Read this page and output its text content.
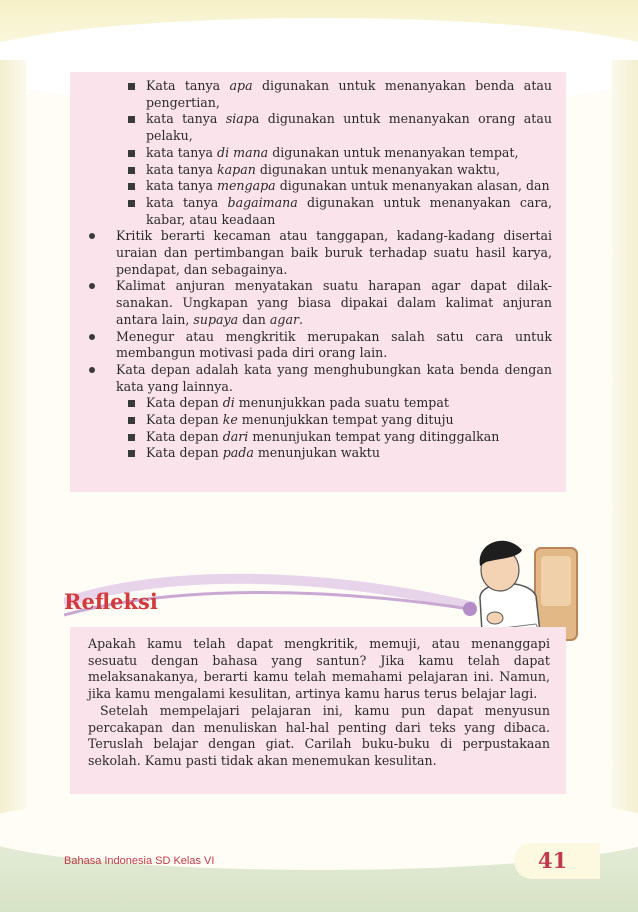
Kata tanya apa digunakan untuk menanyakan benda atau pengertian,
kata tanya siapa digunakan untuk menanyakan orang atau pelaku,
kata tanya di mana digunakan untuk menanyakan tempat,
kata tanya kapan digunakan untuk menanyakan waktu,
kata tanya mengapa digunakan untuk menanyakan alasan, dan
kata tanya bagaimana digunakan untuk menanyakan cara, kabar, atau keadaan
Kritik berarti kecaman atau tanggapan, kadang-kadang disertai uraian dan pertimbangan baik buruk terhadap suatu hasil karya, pendapat, dan sebagainya.
Kalimat anjuran menyatakan suatu harapan agar dapat dilak-sanakan. Ungkapan yang biasa dipakai dalam kalimat anjuran antara lain, supaya dan agar.
Menegur atau mengkritik merupakan salah satu cara untuk membangun motivasi pada diri orang lain.
Kata depan adalah kata yang menghubungkan kata benda dengan kata yang lainnya.
Kata depan di menunjukkan pada suatu tempat
Kata depan ke menunjukkan tempat yang dituju
Kata depan dari menunjukan tempat yang ditinggalkan
Kata depan pada menunjukan waktu
Refleksi

Apakah kamu telah dapat mengkritik, memuji, atau menanggapi sesuatu dengan bahasa yang santun? Jika kamu telah dapat melaksanakanya, berarti kamu telah memahami pelajaran ini. Namun, jika kamu mengalami kesulitan, artinya kamu harus terus belajar lagi.

Setelah mempelajari pelajaran ini, kamu pun dapat menyusun percakapan dan menuliskan hal-hal penting dari teks yang dibaca. Teruslah belajar dengan giat. Carilah buku-buku di perpustakaan sekolah. Kamu pasti tidak akan menemukan kesulitan.

Bahasa Indonesia SD Kelas VI	41
